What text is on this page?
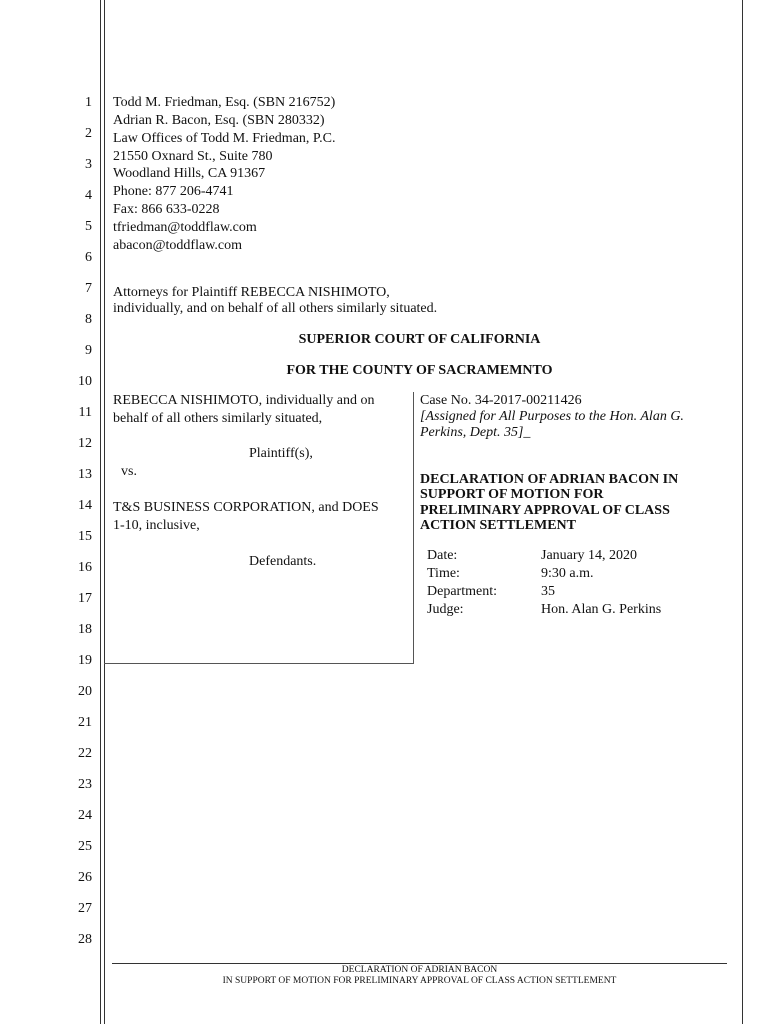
1
2
3
4
5
6
7
8
9
10
11
12
13
14
15
16
17
18
19
20
21
22
23
24
25
26
27
28
Todd M. Friedman, Esq. (SBN 216752)
Adrian R. Bacon, Esq. (SBN 280332)
Law Offices of Todd M. Friedman, P.C.
21550 Oxnard St., Suite 780
Woodland Hills, CA 91367
Phone: 877 206-4741
Fax: 866 633-0228
tfriedman@toddflaw.com
abacon@toddflaw.com
Attorneys for Plaintiff REBECCA NISHIMOTO,
individually, and on behalf of all others similarly situated.
SUPERIOR COURT OF CALIFORNIA
FOR THE COUNTY OF SACRAMEMNTO
REBECCA NISHIMOTO, individually and on
behalf of all others similarly situated,
Plaintiff(s),
vs.
T&S BUSINESS CORPORATION, and DOES
1-10, inclusive,
Defendants.
Case No. 34-2017-00211426
[Assigned for All Purposes to the Hon. Alan G.
Perkins, Dept. 35]_
DECLARATION OF ADRIAN BACON IN
SUPPORT OF MOTION FOR
PRELIMINARY APPROVAL OF CLASS
ACTION SETTLEMENT
Date:	January 14, 2020
Time:	9:30 a.m.
Department:	35
Judge:	Hon. Alan G. Perkins
DECLARATION OF ADRIAN BACON
IN SUPPORT OF MOTION FOR PRELIMINARY APPROVAL OF CLASS ACTION SETTLEMENT
